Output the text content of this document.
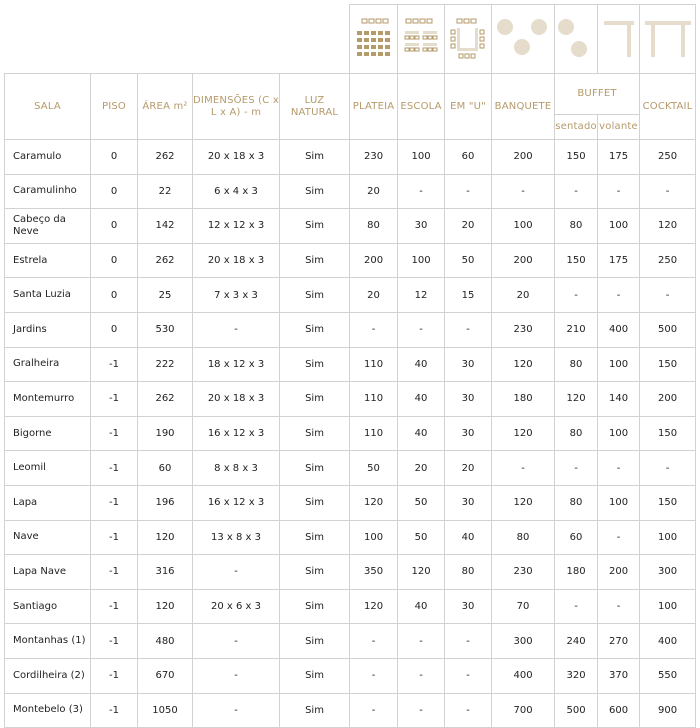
SALA	PISO	ÁREA m²	DIMENSÕES (C x L x A) - m	LUZ NATURAL	PLATEIA	ESCOLA	EM "U"	BANQUETE	BUFFET		COCKTAIL
									sentado	volante	
Caramulo	0	262	20 x 18 x 3	Sim	230	100	60	200	150	175	250
Caramulinho	0	22	6 x 4 x 3	Sim	20	-	-	-	-	-	-
Cabeço da Neve	0	142	12 x 12 x 3	Sim	80	30	20	100	80	100	120
Estrela	0	262	20 x 18 x 3	Sim	200	100	50	200	150	175	250
Santa Luzia	0	25	7 x 3 x 3	Sim	20	12	15	20	-	-	-
Jardins	0	530	-	Sim	-	-	-	230	210	400	500
Gralheira	-1	222	18 x 12 x 3	Sim	110	40	30	120	80	100	150
Montemurro	-1	262	20 x 18 x 3	Sim	110	40	30	180	120	140	200
Bigorne	-1	190	16 x 12 x 3	Sim	110	40	30	120	80	100	150
Leomil	-1	60	8 x 8 x 3	Sim	50	20	20	-	-	-	-
Lapa	-1	196	16 x 12 x 3	Sim	120	50	30	120	80	100	150
Nave	-1	120	13 x 8 x 3	Sim	100	50	40	80	60	-	100
Lapa Nave	-1	316	-	Sim	350	120	80	230	180	200	300
Santiago	-1	120	20 x 6 x 3	Sim	120	40	30	70	-	-	100
Montanhas (1)	-1	480	-	Sim	-	-	-	300	240	270	400
Cordilheira (2)	-1	670	-	Sim	-	-	-	400	320	370	550
Montebelo (3)	-1	1050	-	Sim	-	-	-	700	500	600	900
